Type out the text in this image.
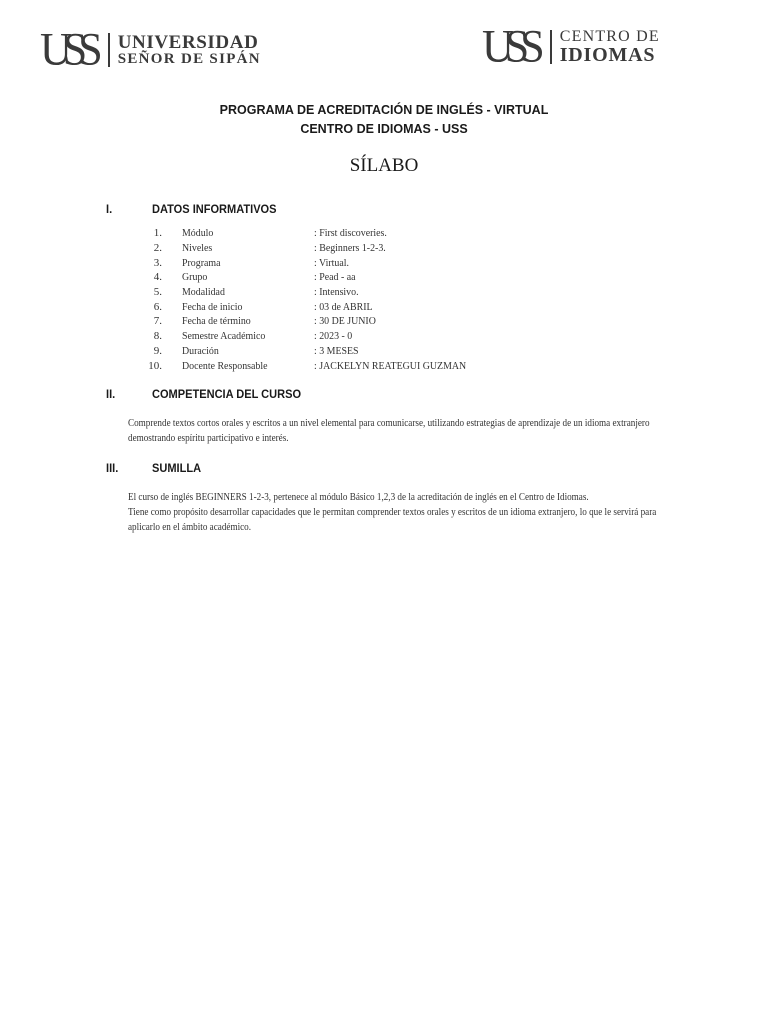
USS UNIVERSIDAD
SEÑOR DE SIPÁN	USS CENTRO DE
IDIOMAS
PROGRAMA DE ACREDITACIÓN DE INGLÉS - VIRTUAL
CENTRO DE IDIOMAS - USS
SÍLABO
I.	DATOS INFORMATIVOS
1.	Módulo	: First discoveries.
2.	Niveles	: Beginners 1-2-3.
3.	Programa	: Virtual.
4.	Grupo	: Pead - aa
5.	Modalidad	: Intensivo.
6.	Fecha de inicio	: 03 de ABRIL
7.	Fecha de término	: 30 DE JUNIO
8.	Semestre Académico	: 2023 - 0
9.	Duración	: 3 MESES
10.	Docente Responsable	: JACKELYN REATEGUI GUZMAN
II.	COMPETENCIA DEL CURSO

Comprende textos cortos orales y escritos a un nivel elemental para comunicarse, utilizando estrategias de aprendizaje de un idioma extranjero

demostrando espíritu participativo e interés.

III.	SUMILLA

El curso de inglés BEGINNERS 1-2-3, pertenece al módulo Básico 1,2,3 de la acreditación de inglés en el Centro de Idiomas.

Tiene como propósito desarrollar capacidades que le permitan comprender textos orales y escritos de un idioma extranjero, lo que le servirá para

aplicarlo en el ámbito académico.
